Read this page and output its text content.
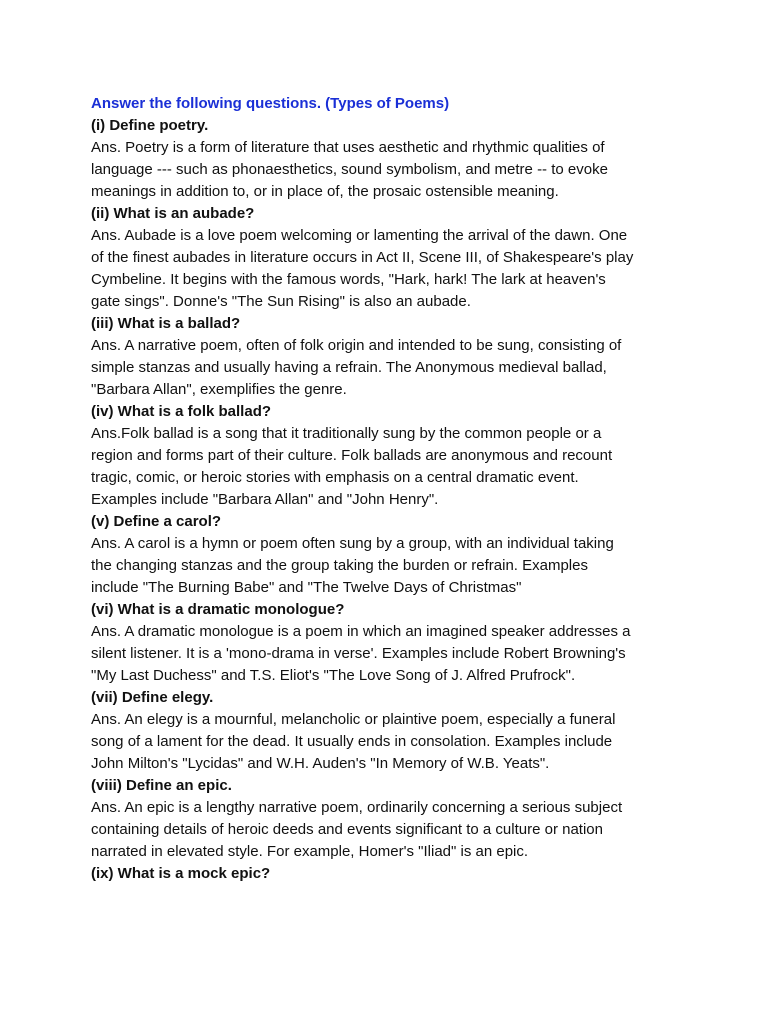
Answer the following questions. (Types of Poems)

(i) Define poetry.

Ans. Poetry is a form of literature that uses aesthetic and rhythmic qualities of
language --- such as phonaesthetics, sound symbolism, and metre -- to evoke
meanings in addition to, or in place of, the prosaic ostensible meaning.

(ii) What is an aubade?

Ans. Aubade is a love poem welcoming or lamenting the arrival of the dawn. One
of the finest aubades in literature occurs in Act II, Scene III, of Shakespeare's play
Cymbeline. It begins with the famous words, "Hark, hark! The lark at heaven's
gate sings". Donne's "The Sun Rising" is also an aubade.

(iii) What is a ballad?

Ans. A narrative poem, often of folk origin and intended to be sung, consisting of
simple stanzas and usually having a refrain. The Anonymous medieval ballad,
"Barbara Allan", exemplifies the genre.

(iv) What is a folk ballad?

Ans.Folk ballad is a song that it traditionally sung by the common people or a
region and forms part of their culture. Folk ballads are anonymous and recount
tragic, comic, or heroic stories with emphasis on a central dramatic event.
Examples include "Barbara Allan" and "John Henry".

(v) Define a carol?

Ans. A carol is a hymn or poem often sung by a group, with an individual taking
the changing stanzas and the group taking the burden or refrain. Examples
include "The Burning Babe" and "The Twelve Days of Christmas"

(vi) What is a dramatic monologue?

Ans. A dramatic monologue is a poem in which an imagined speaker addresses a
silent listener. It is a 'mono-drama in verse'. Examples include Robert Browning's
"My Last Duchess" and T.S. Eliot's "The Love Song of J. Alfred Prufrock".

(vii) Define elegy.

Ans. An elegy is a mournful, melancholic or plaintive poem, especially a funeral
song of a lament for the dead. It usually ends in consolation. Examples include
John Milton's "Lycidas" and W.H. Auden's "In Memory of W.B. Yeats".

(viii) Define an epic.

Ans. An epic is a lengthy narrative poem, ordinarily concerning a serious subject
containing details of heroic deeds and events significant to a culture or nation
narrated in elevated style. For example, Homer's "Iliad" is an epic.

(ix) What is a mock epic?
